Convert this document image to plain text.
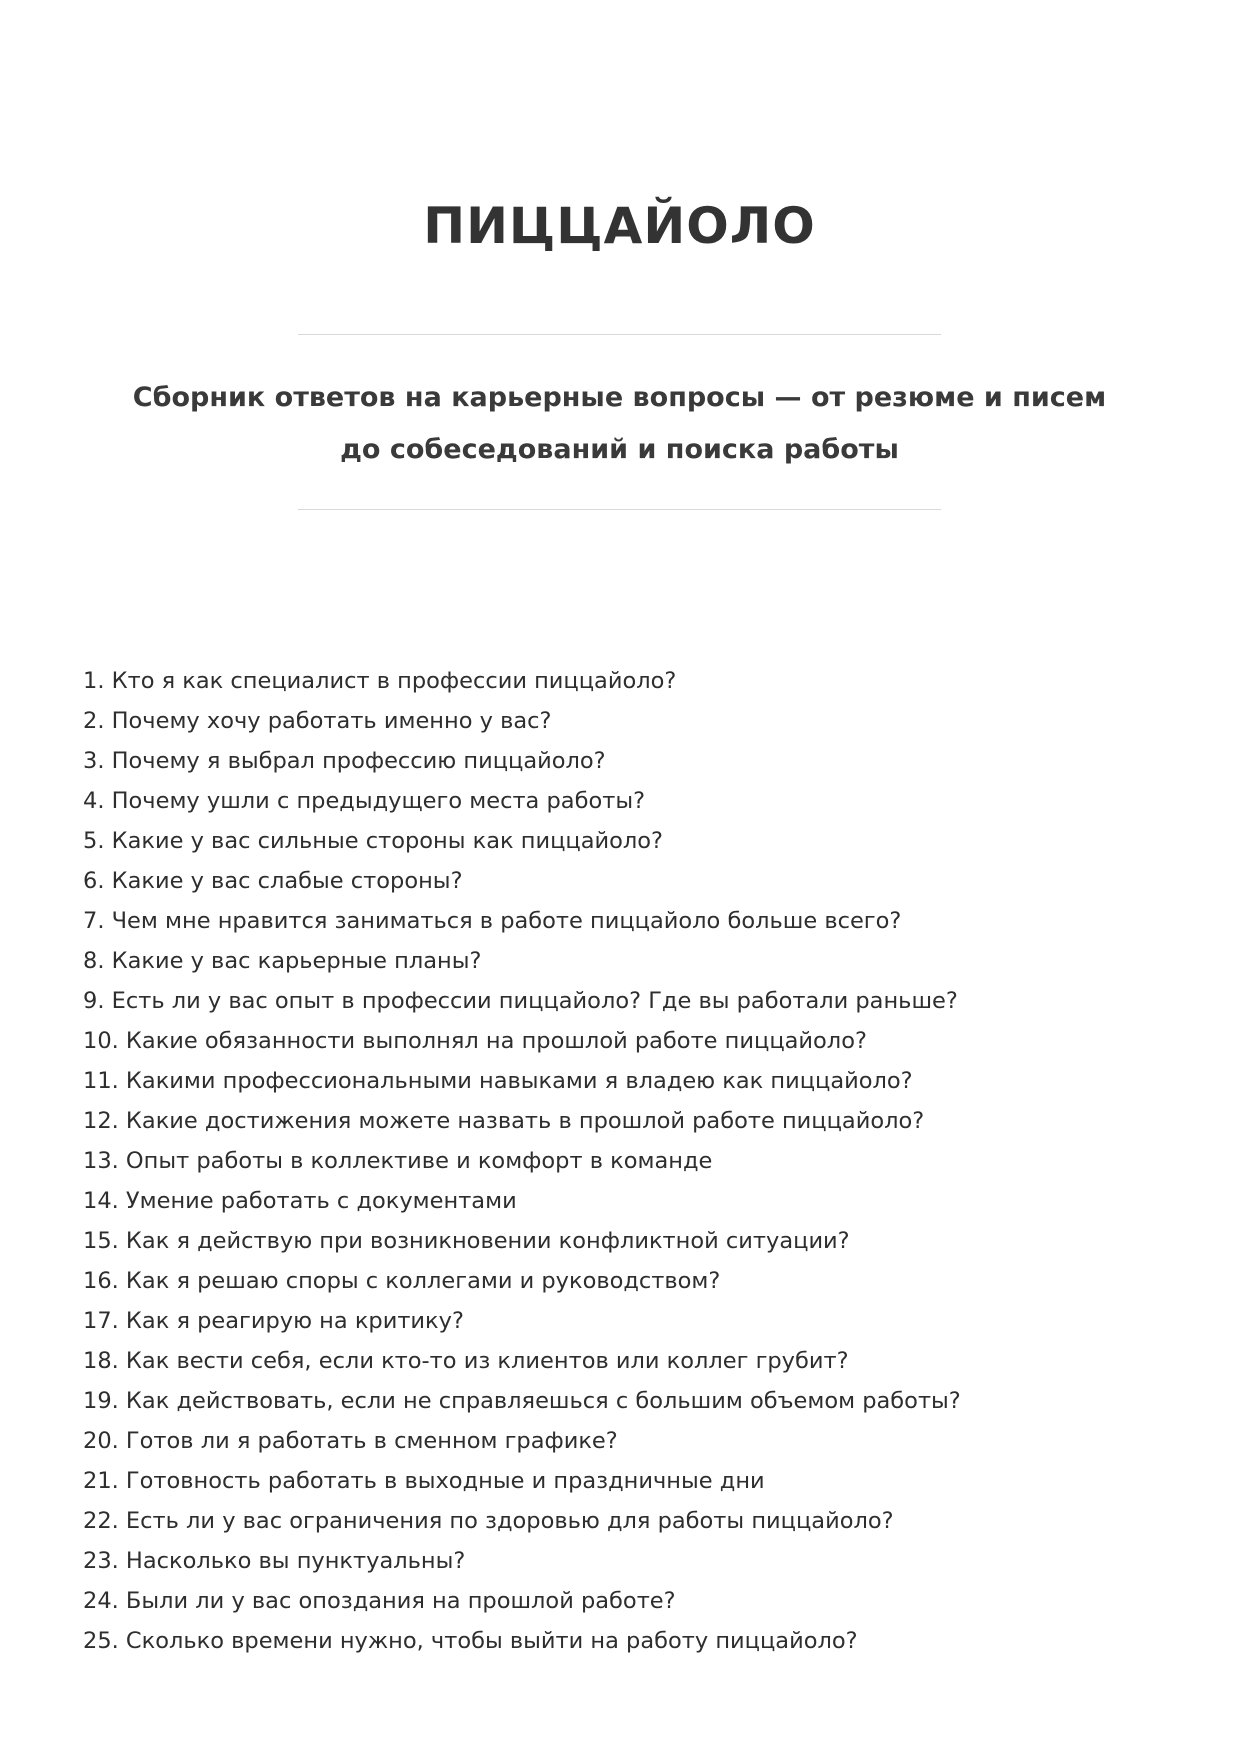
ПИЦЦАЙОЛО

Сборник ответов на карьерные вопросы — от резюме и писем до собеседований и поиска работы

1. Кто я как специалист в профессии пиццайоло?
2. Почему хочу работать именно у вас?
3. Почему я выбрал профессию пиццайоло?
4. Почему ушли с предыдущего места работы?
5. Какие у вас сильные стороны как пиццайоло?
6. Какие у вас слабые стороны?
7. Чем мне нравится заниматься в работе пиццайоло больше всего?
8. Какие у вас карьерные планы?
9. Есть ли у вас опыт в профессии пиццайоло? Где вы работали раньше?
10. Какие обязанности выполнял на прошлой работе пиццайоло?
11. Какими профессиональными навыками я владею как пиццайоло?
12. Какие достижения можете назвать в прошлой работе пиццайоло?
13. Опыт работы в коллективе и комфорт в команде
14. Умение работать с документами
15. Как я действую при возникновении конфликтной ситуации?
16. Как я решаю споры с коллегами и руководством?
17. Как я реагирую на критику?
18. Как вести себя, если кто-то из клиентов или коллег грубит?
19. Как действовать, если не справляешься с большим объемом работы?
20. Готов ли я работать в сменном графике?
21. Готовность работать в выходные и праздничные дни
22. Есть ли у вас ограничения по здоровью для работы пиццайоло?
23. Насколько вы пунктуальны?
24. Были ли у вас опоздания на прошлой работе?
25. Сколько времени нужно, чтобы выйти на работу пиццайоло?
